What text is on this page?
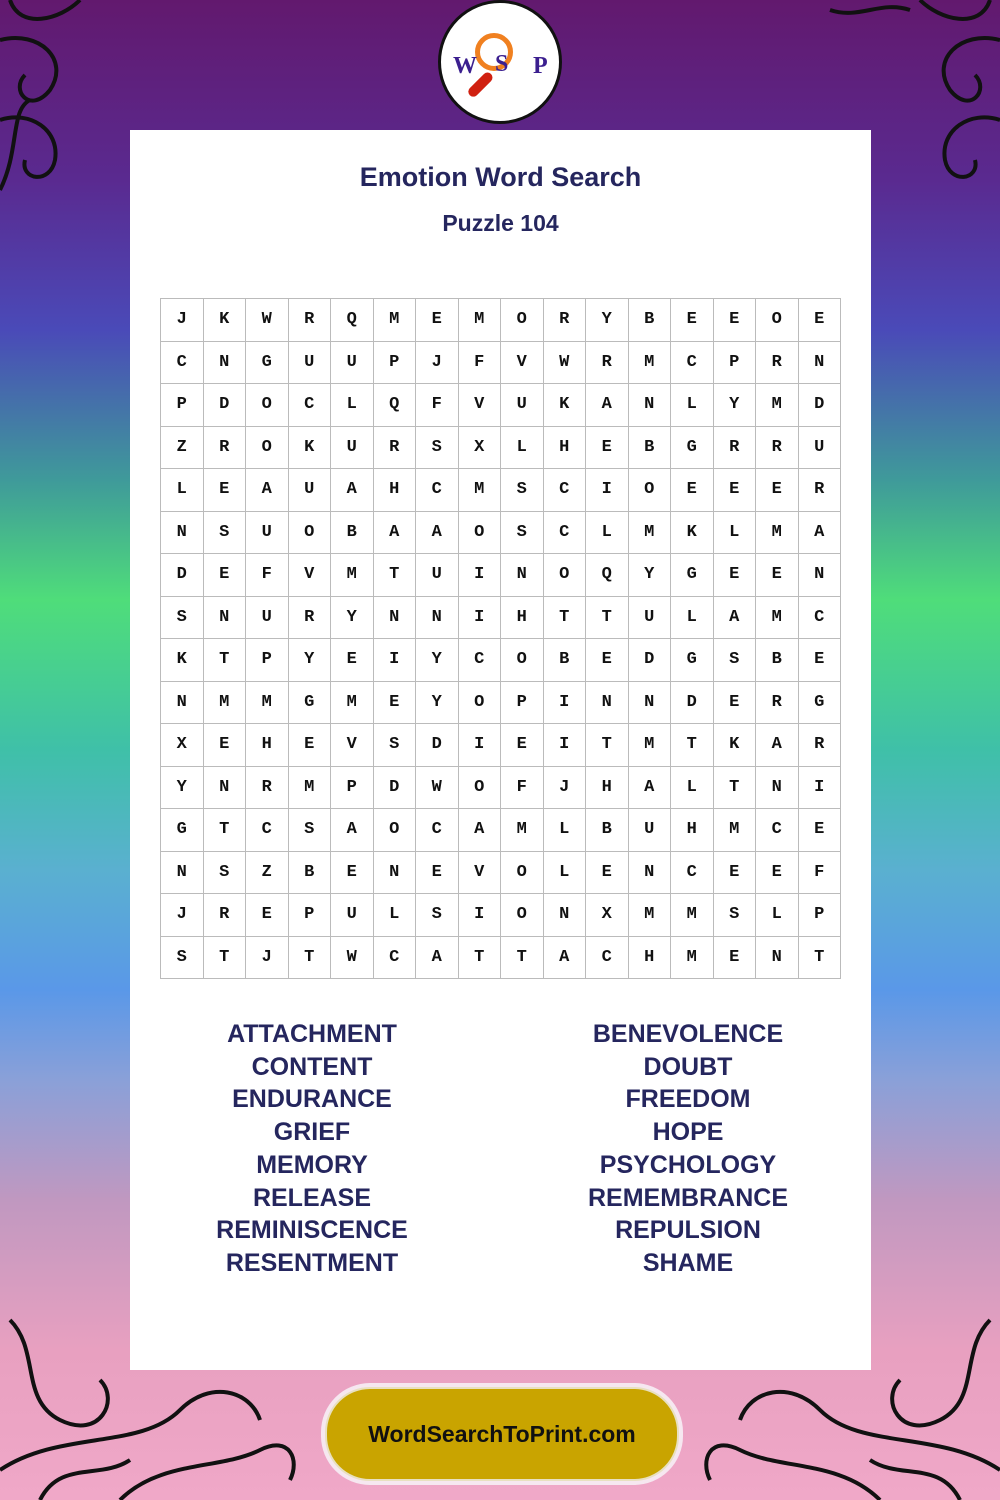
W S P
Emotion Word Search
Puzzle 104
J	K	W	R	Q	M	E	M	O	R	Y	B	E	E	O	E
C	N	G	U	U	P	J	F	V	W	R	M	C	P	R	N
P	D	O	C	L	Q	F	V	U	K	A	N	L	Y	M	D
Z	R	O	K	U	R	S	X	L	H	E	B	G	R	R	U
L	E	A	U	A	H	C	M	S	C	I	O	E	E	E	R
N	S	U	O	B	A	A	O	S	C	L	M	K	L	M	A
D	E	F	V	M	T	U	I	N	O	Q	Y	G	E	E	N
S	N	U	R	Y	N	N	I	H	T	T	U	L	A	M	C
K	T	P	Y	E	I	Y	C	O	B	E	D	G	S	B	E
N	M	M	G	M	E	Y	O	P	I	N	N	D	E	R	G
X	E	H	E	V	S	D	I	E	I	T	M	T	K	A	R
Y	N	R	M	P	D	W	O	F	J	H	A	L	T	N	I
G	T	C	S	A	O	C	A	M	L	B	U	H	M	C	E
N	S	Z	B	E	N	E	V	O	L	E	N	C	E	E	F
J	R	E	P	U	L	S	I	O	N	X	M	M	S	L	P
S	T	J	T	W	C	A	T	T	A	C	H	M	E	N	T
ATTACHMENT
CONTENT
ENDURANCE
GRIEF
MEMORY
RELEASE
REMINISCENCE
RESENTMENT
BENEVOLENCE
DOUBT
FREEDOM
HOPE
PSYCHOLOGY
REMEMBRANCE
REPULSION
SHAME
WordSearchToPrint.com
